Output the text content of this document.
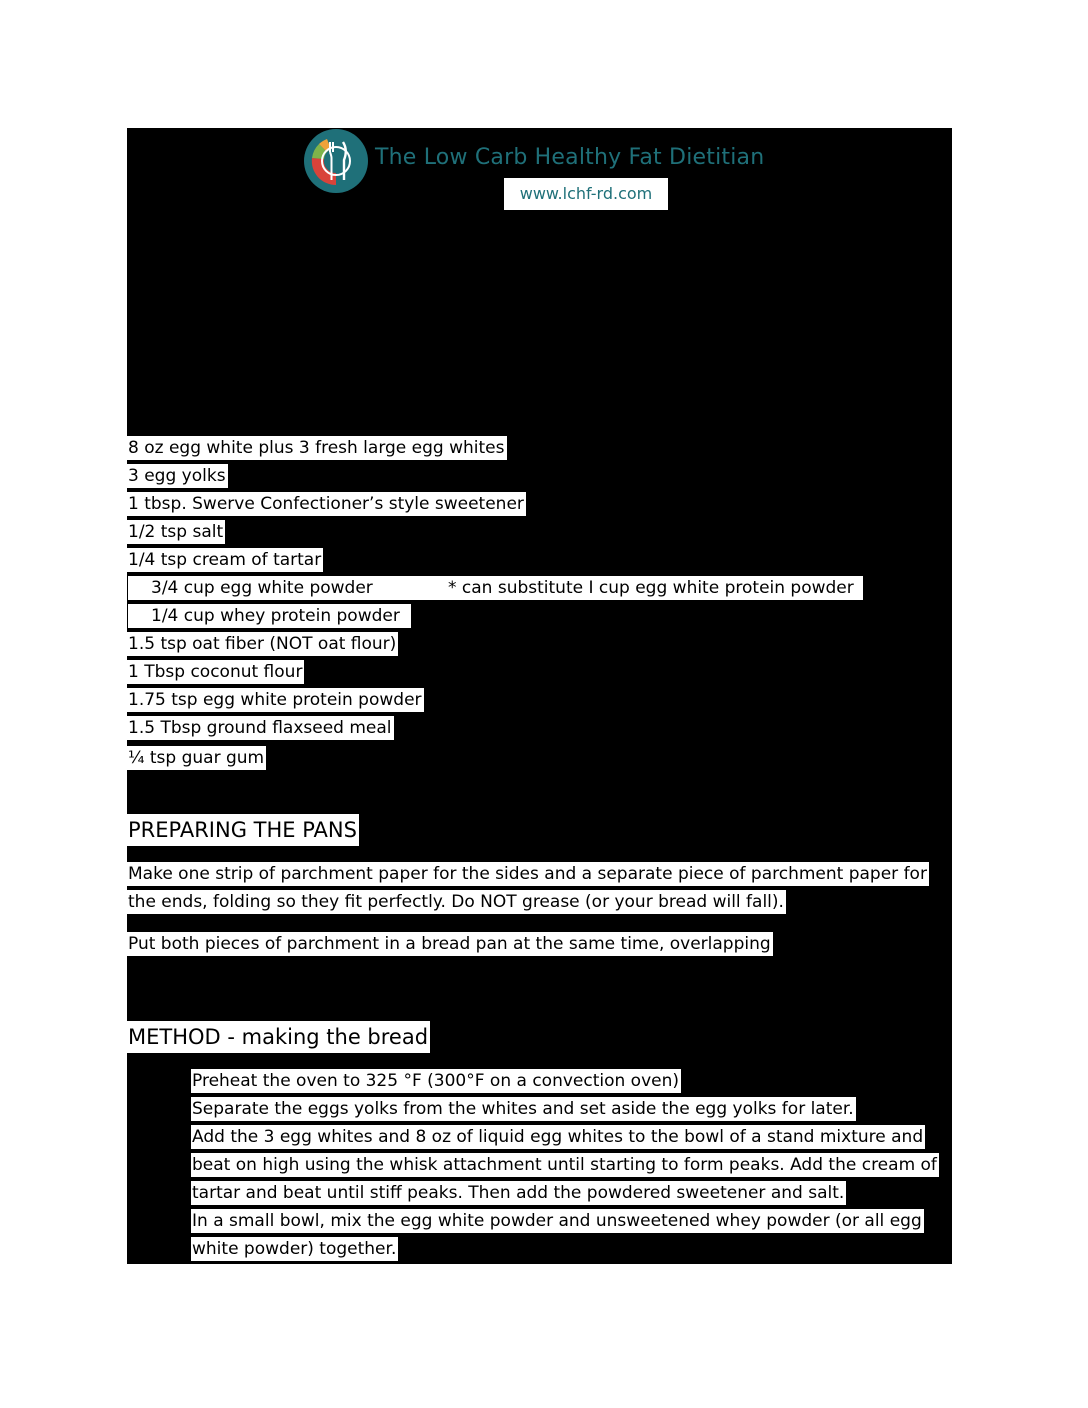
The Low Carb Healthy Fat Dietitian
www.lchf-rd.com
8 oz egg white plus 3 fresh large egg whites
3 egg yolks
1 tbsp. Swerve Confectioner’s style sweetener
1/2 tsp salt
1/4 tsp cream of tartar
3/4 cup egg white powder	* can substitute I cup egg white protein powder
1/4 cup whey protein powder
1.5 tsp oat fiber (NOT oat flour)
1 Tbsp coconut flour
1.75 tsp egg white protein powder
1.5 Tbsp ground flaxseed meal
¼ tsp guar gum
PREPARING THE PANS
Make one strip of parchment paper for the sides and a separate piece of parchment paper for
the ends, folding so they fit perfectly. Do NOT grease (or your bread will fall).
Put both pieces of parchment in a bread pan at the same time, overlapping
METHOD - making the bread
Preheat the oven to 325 °F (300°F on a convection oven)
Separate the eggs yolks from the whites and set aside the egg yolks for later.
Add the 3 egg whites and 8 oz of liquid egg whites to the bowl of a stand mixture and
beat on high using the whisk attachment until starting to form peaks. Add the cream of
tartar and beat until stiff peaks. Then add the powdered sweetener and salt.
In a small bowl, mix the egg white powder and unsweetened whey powder (or all egg
white powder) together.
